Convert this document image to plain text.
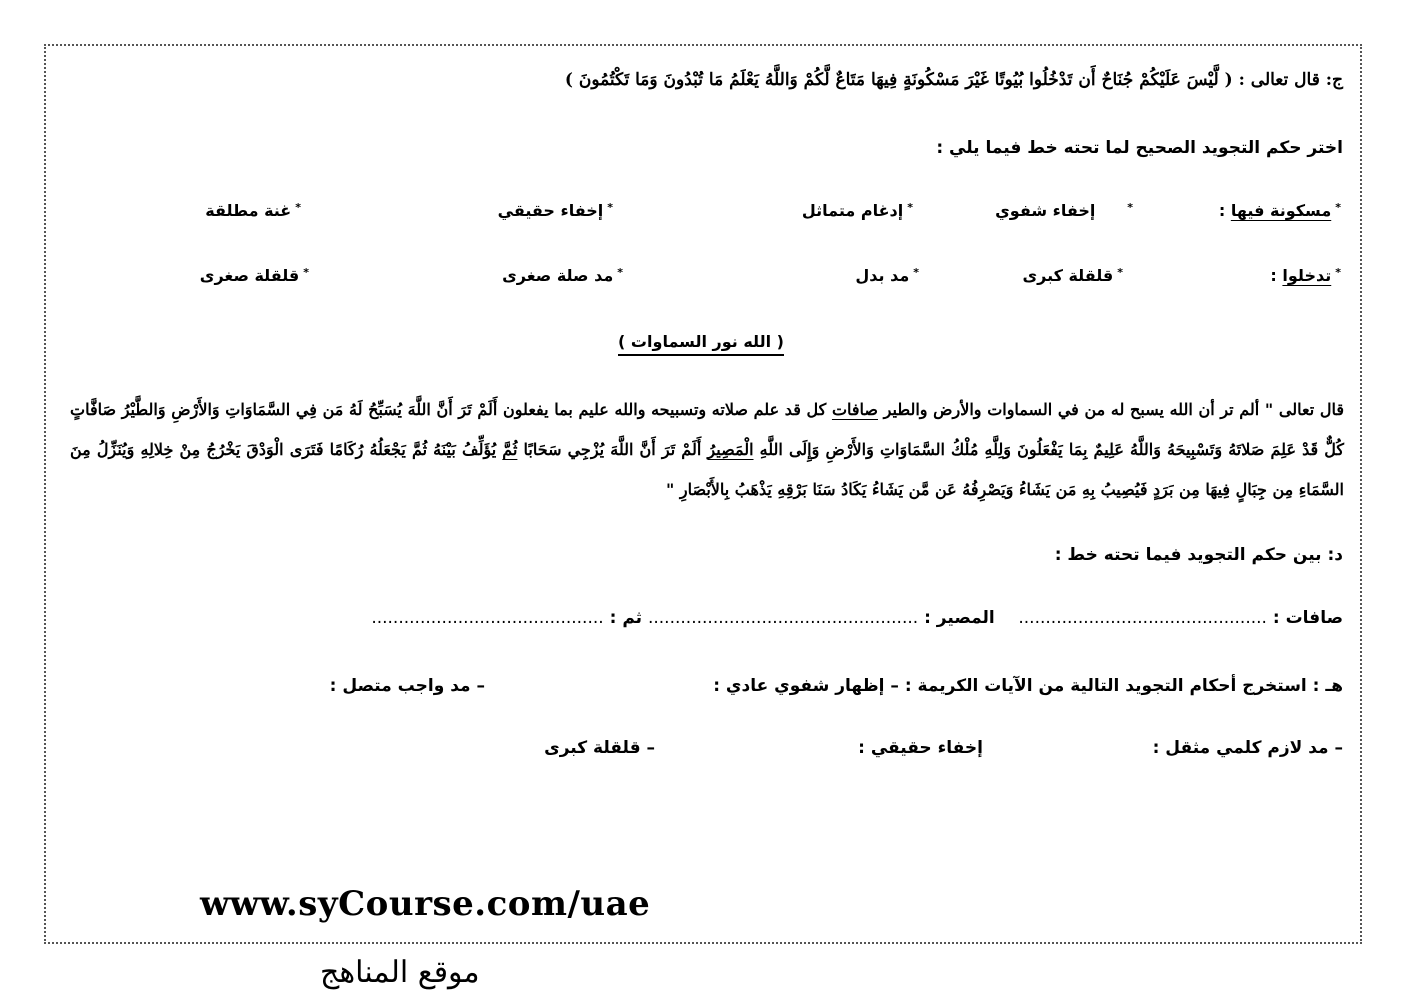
ج: قال تعالى : ( لَّيْسَ عَلَيْكُمْ جُنَاحٌ أَن تَدْخُلُوا بُيُوتًا غَيْرَ مَسْكُونَةٍ فِيهَا مَتَاعٌ لَّكُمْ وَاللَّهُ يَعْلَمُ مَا تُبْدُونَ وَمَا تَكْتُمُونَ )
اختر حكم التجويد الصحيح لما تحته خط فيما يلي :
*مسكونة فيها :
*     إخفاء شفوي
*إدغام متماثل
*إخفاء حقيقي
*غنة مطلقة
*تدخلوا :
*قلقلة كبرى
*مد بدل
*مد صلة صغرى
*قلقلة صغرى
( الله نور السماوات )
قال تعالى " ألم تر أن الله يسبح له من في السماوات والأرض والطير صافات كل قد علم صلاته وتسبيحه والله عليم بما يفعلون أَلَمْ تَرَ أَنَّ اللَّهَ يُسَبِّحُ لَهُ مَن فِي السَّمَاوَاتِ وَالأَرْضِ وَالطَّيْرُ صَافَّاتٍ كُلٌّ قَدْ عَلِمَ صَلاتَهُ وَتَسْبِيحَهُ وَاللَّهُ عَلِيمٌ بِمَا يَفْعَلُونَ وَلِلَّهِ مُلْكُ السَّمَاوَاتِ وَالأَرْضِ وَإِلَى اللَّهِ الْمَصِيرُ أَلَمْ تَرَ أَنَّ اللَّهَ يُزْجِي سَحَابًا ثُمَّ يُؤَلِّفُ بَيْنَهُ ثُمَّ يَجْعَلُهُ رُكَامًا فَتَرَى الْوَدْقَ يَخْرُجُ مِنْ خِلالِهِ وَيُنَزِّلُ مِنَ السَّمَاءِ مِن جِبَالٍ فِيهَا مِن بَرَدٍ فَيُصِيبُ بِهِ مَن يَشَاءُ وَيَصْرِفُهُ عَن مَّن يَشَاءُ يَكَادُ سَنَا بَرْقِهِ يَذْهَبُ بِالأَبْصَارِ "
د: بين حكم التجويد فيما تحته خط :
صافات : ..............................................    المصير : .................................................. ثم : ...........................................
هـ : استخرج أحكام التجويد التالية من الآيات الكريمة : – إظهار شفوي عادي :
– مد واجب متصل :
– مد لازم كلمي مثقل :
إخفاء حقيقي :
– قلقلة كبرى
www.syCourse.com/uae
موقع المناهج
